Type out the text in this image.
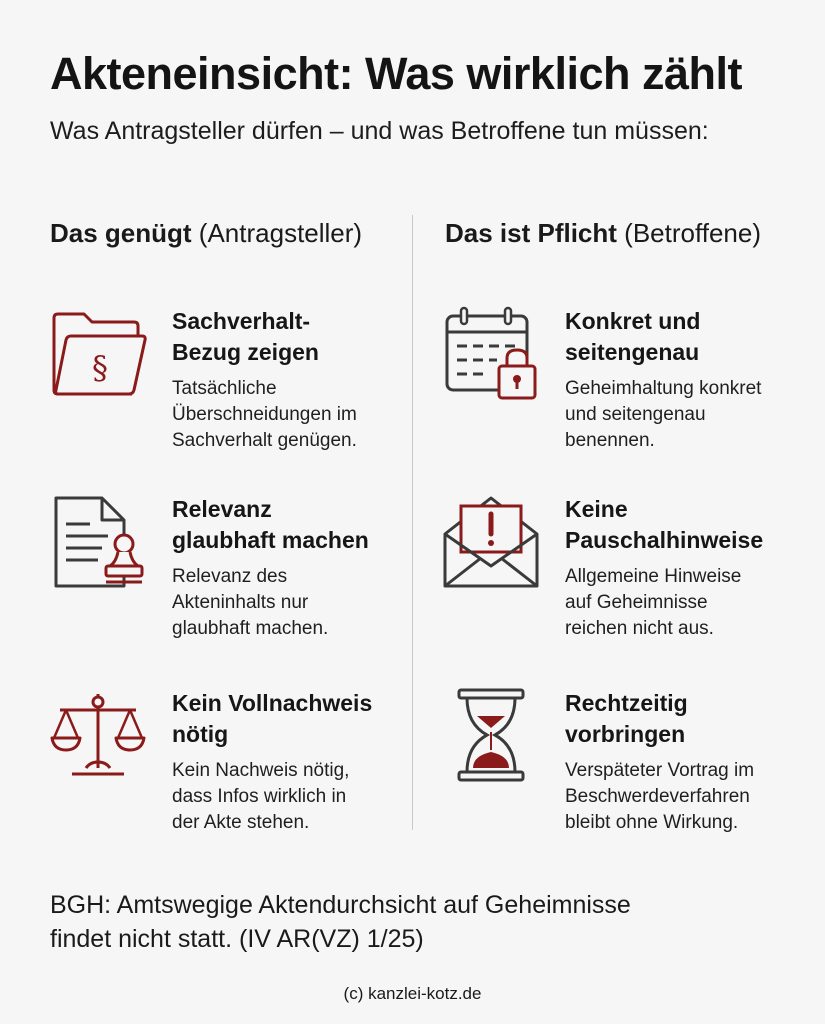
Akteneinsicht: Was wirklich zählt
Was Antragsteller dürfen – und was Betroffene tun müssen:
Das genügt (Antragsteller)	Das ist Pflicht (Betroffene)
§
Sachverhalt-
Bezug zeigen

Tatsächliche
Überschneidungen im
Sachverhalt genügen.

Relevanz
glaubhaft machen

Relevanz des
Akteninhalts nur
glaubhaft machen.

Kein Vollnachweis
nötig

Kein Nachweis nötig,
dass Infos wirklich in
der Akte stehen.

Konkret und
seitengenau

Geheimhaltung konkret
und seitengenau
benennen.

Keine
Pauschalhinweise

Allgemeine Hinweise
auf Geheimnisse
reichen nicht aus.

Rechtzeitig
vorbringen

Verspäteter Vortrag im
Beschwerdeverfahren
bleibt ohne Wirkung.

BGH: Amtswegige Aktendurchsicht auf Geheimnisse
findet nicht statt. (IV AR(VZ) 1/25)
(c) kanzlei-kotz.de
